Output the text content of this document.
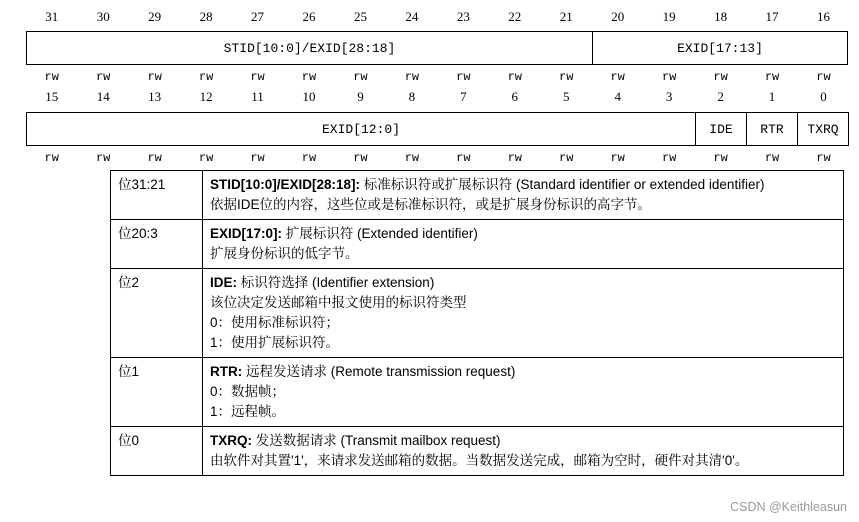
31	30	29	28	27	26	25	24	23	22	21	20	19	18	17	16
STID[10:0]/EXID[28:18]	EXID[17:13]
rw	rw	rw	rw	rw	rw	rw	rw	rw	rw	rw	rw	rw	rw	rw	rw
15	14	13	12	11	10	9	8	7	6	5	4	3	2	1	0
EXID[12:0]	IDE	RTR	TXRQ
rw	rw	rw	rw	rw	rw	rw	rw	rw	rw	rw	rw	rw	rw	rw	rw
位31:21	STID[10:0]/EXID[28:18]: 标准标识符或扩展标识符 (Standard identifier or extended identifier)
依据IDE位的内容，这些位或是标准标识符，或是扩展身份标识的高字节。

位20:3	EXID[17:0]: 扩展标识符 (Extended identifier)
扩展身份标识的低字节。

位2	IDE: 标识符选择 (Identifier extension)
该位决定发送邮箱中报文使用的标识符类型
0：使用标准标识符；
1：使用扩展标识符。

位1	RTR: 远程发送请求 (Remote transmission request)
0：数据帧；
1：远程帧。

位0	TXRQ: 发送数据请求 (Transmit mailbox request)
由软件对其置'1'，来请求发送邮箱的数据。当数据发送完成，邮箱为空时，硬件对其清'0'。
CSDN @Keithleasun
